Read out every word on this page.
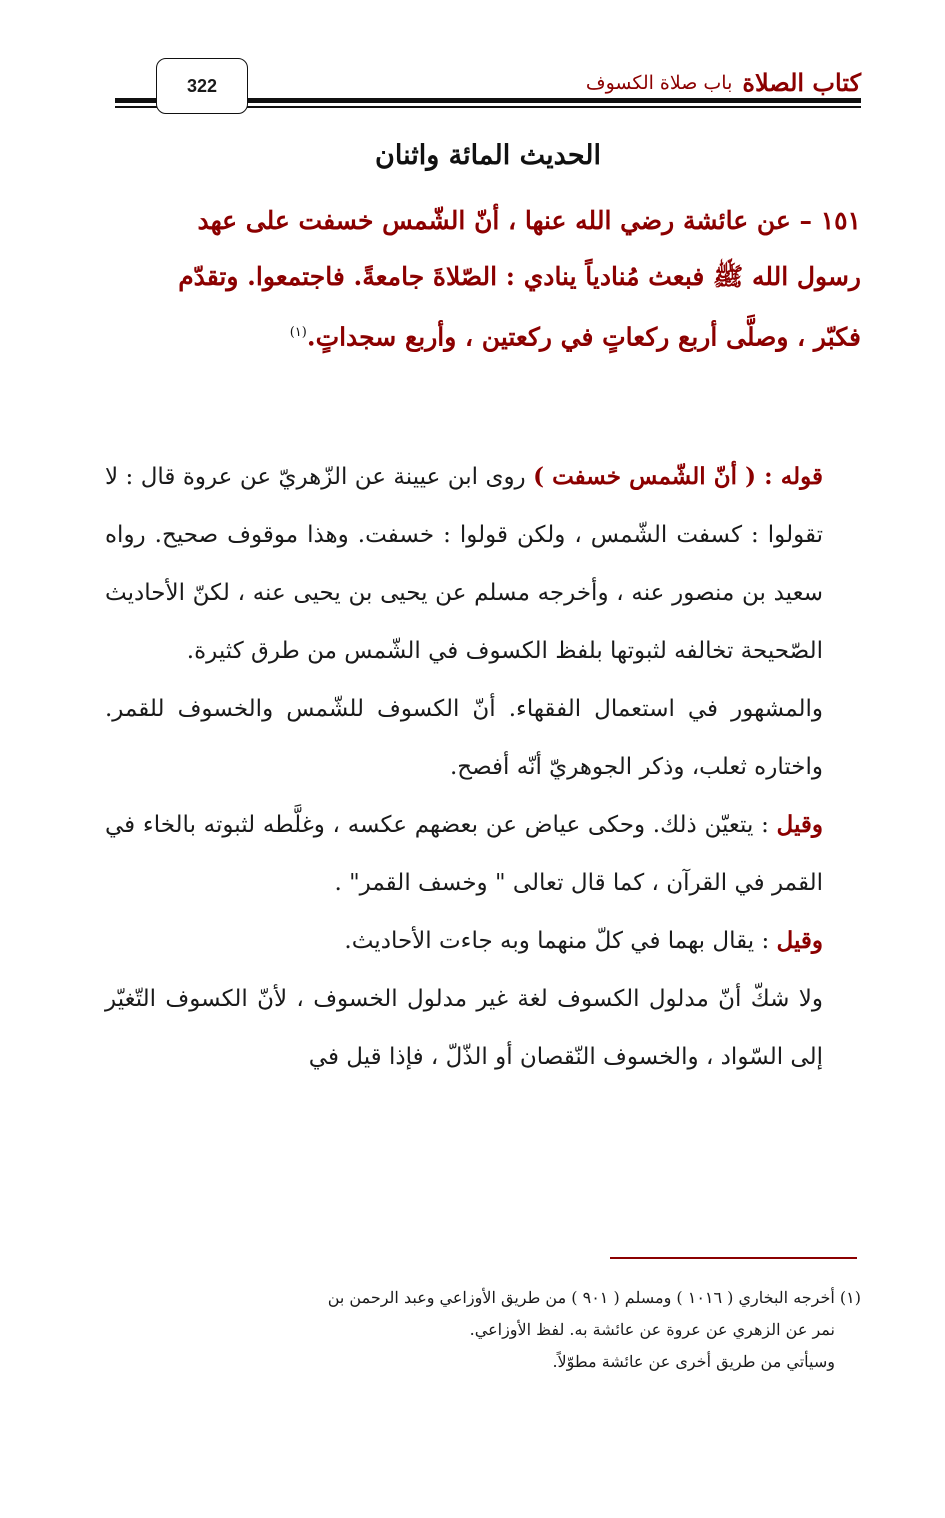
كتاب الصلاة
باب صلاة الكسوف
322
الحديث المائة واثنان

١٥١ – عن عائشة رضي الله عنها ، أنّ الشّمس خسفت على عهد

رسول الله ﷺ فبعث مُنادياً ينادي : الصّلاةَ جامعةً. فاجتمعوا. وتقدّم

فكبّر ، وصلَّى أربع ركعاتٍ في ركعتين ، وأربع سجداتٍ.$^{(١)}$

قوله : ( أنّ الشّمس خسفت ) روى ابن عيينة عن الزّهريّ عن عروة قال : لا تقولوا : كسفت الشّمس ، ولكن قولوا : خسفت. وهذا موقوف صحيح. رواه سعيد بن منصور عنه ، وأخرجه مسلم عن يحيى بن يحيى عنه ، لكنّ الأحاديث الصّحيحة تخالفه لثبوتها بلفظ الكسوف في الشّمس من طرق كثيرة.

والمشهور في استعمال الفقهاء. أنّ الكسوف للشّمس والخسوف للقمر. واختاره ثعلب، وذكر الجوهريّ أنّه أفصح.

وقيل : يتعيّن ذلك. وحكى عياض عن بعضهم عكسه ، وغلَّطه لثبوته بالخاء في القمر في القرآن ، كما قال تعالى " وخسف القمر" .

وقيل : يقال بهما في كلّ منهما وبه جاءت الأحاديث.

ولا شكّ أنّ مدلول الكسوف لغة غير مدلول الخسوف ، لأنّ الكسوف التّغيّر إلى السّواد ، والخسوف النّقصان أو الذّلّ ، فإذا قيل في

(١) أخرجه البخاري ( ١٠١٦ ) ومسلم ( ٩٠١ ) من طريق الأوزاعي وعبد الرحمن بن

نمر عن الزهري عن عروة عن عائشة به. لفظ الأوزاعي.

وسيأتي من طريق أخرى عن عائشة مطوّلاً.
